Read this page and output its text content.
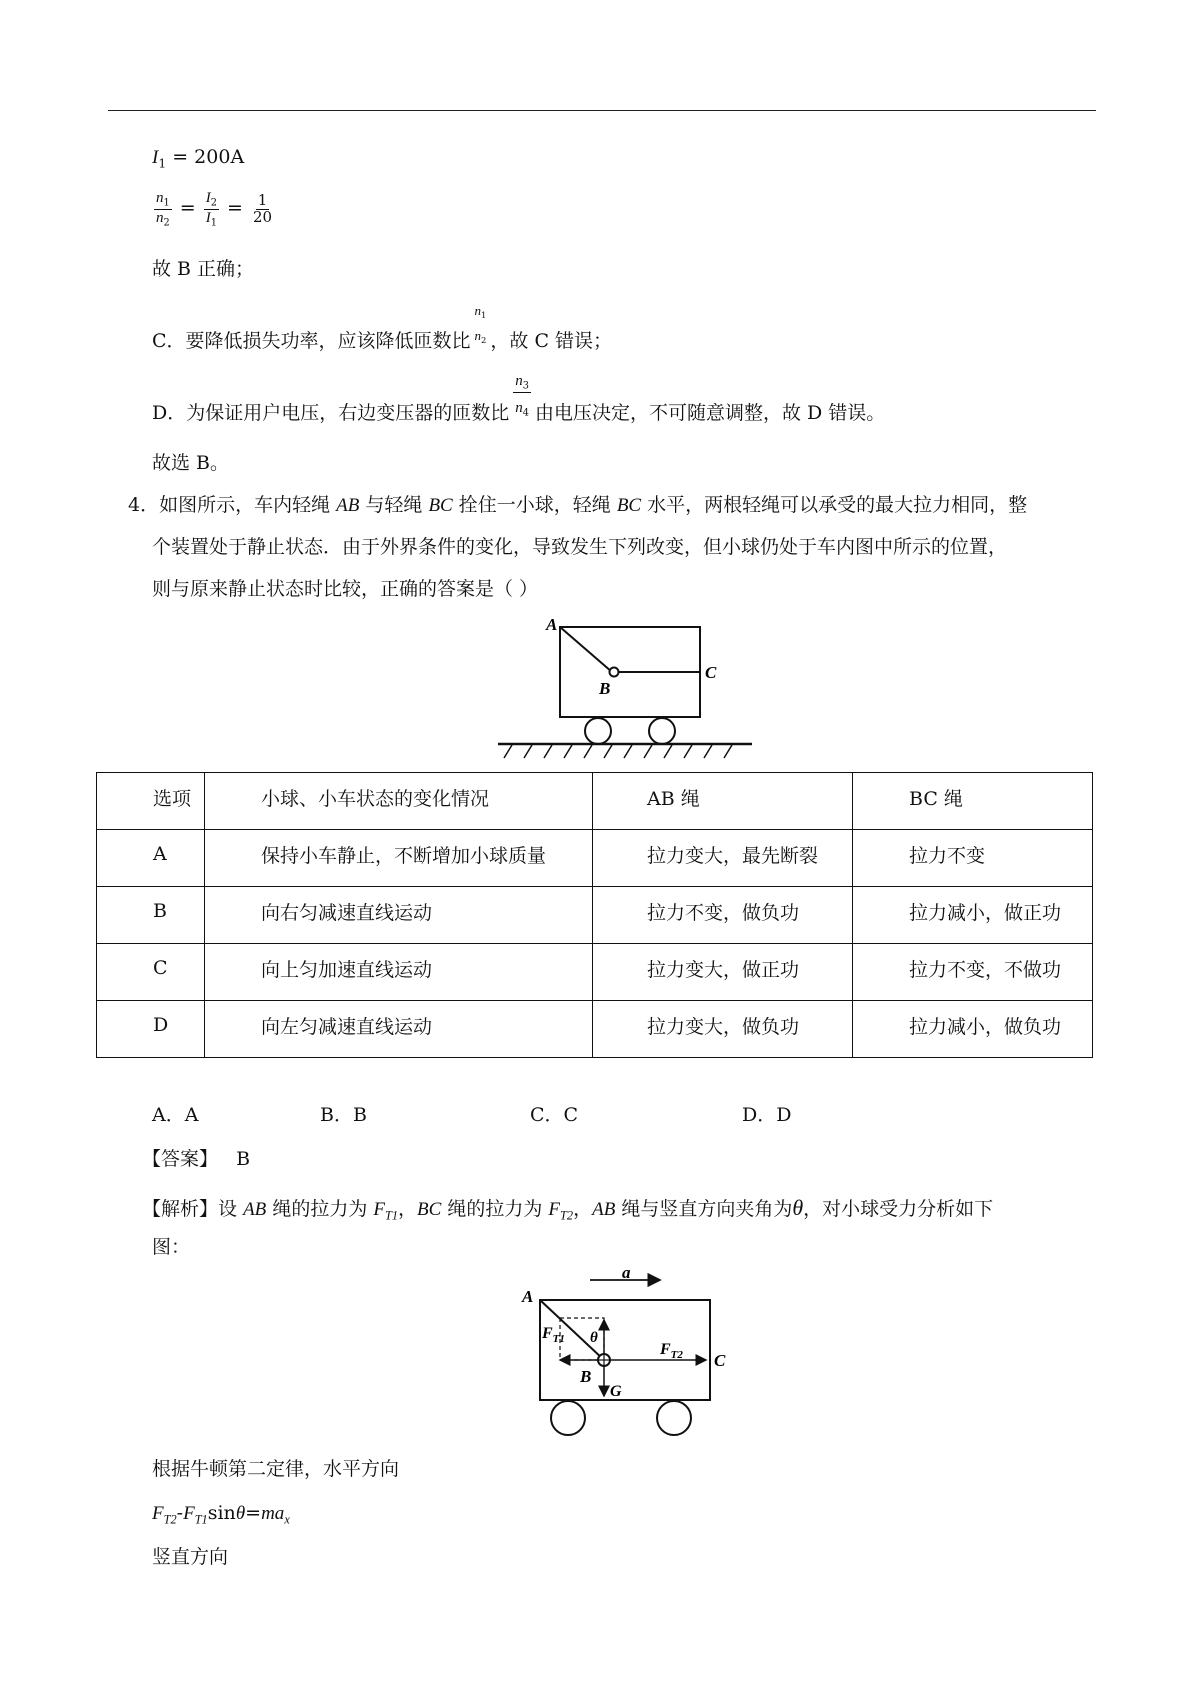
$I_1 = 200A$
$\frac{n_1}{n_2} = \frac{I_2}{I_1} = \frac{1}{20}$
故 B 正确；
C．要降低损失功率，应该降低匝数比
$n_1$
$n_2$ ，故 C 错误；
D．为保证用户电压，右边变压器的匝数比
$n_3$
$n_4$ 由电压决定，不可随意调整，故 D 错误。
故选 B。
4．如图所示，车内轻绳 AB 与轻绳 BC 拴住一小球，轻绳 BC 水平，两根轻绳可以承受的最大拉力相同，整
个装置处于静止状态．由于外界条件的变化，导致发生下列改变，但小球仍处于车内图中所示的位置，
则与原来静止状态时比较，正确的答案是（ ）
A
B
C
选项	小球、小车状态的变化情况	AB 绳	BC 绳

A	保持小车静止，不断增加小球质量	拉力变大，最先断裂	拉力不变

B	向右匀减速直线运动	拉力不变，做负功	拉力减小，做正功

C	向上匀加速直线运动	拉力变大，做正功	拉力不变，不做功

D	向左匀减速直线运动	拉力变大，做负功	拉力减小，做负功
A．A	B．B	C．C	D．D
【答案】 B
【解析】设 AB 绳的拉力为 $F_{T1}$，BC 绳的拉力为 $F_{T2}$，AB 绳与竖直方向夹角为θ，对小球受力分析如下
图：
a
A
$F_{T1}$ θ
$F_{T2}$ C
B
G
根据牛顿第二定律，水平方向
$F_{T2}-F_{T1}\sin\theta=ma_x$
竖直方向
